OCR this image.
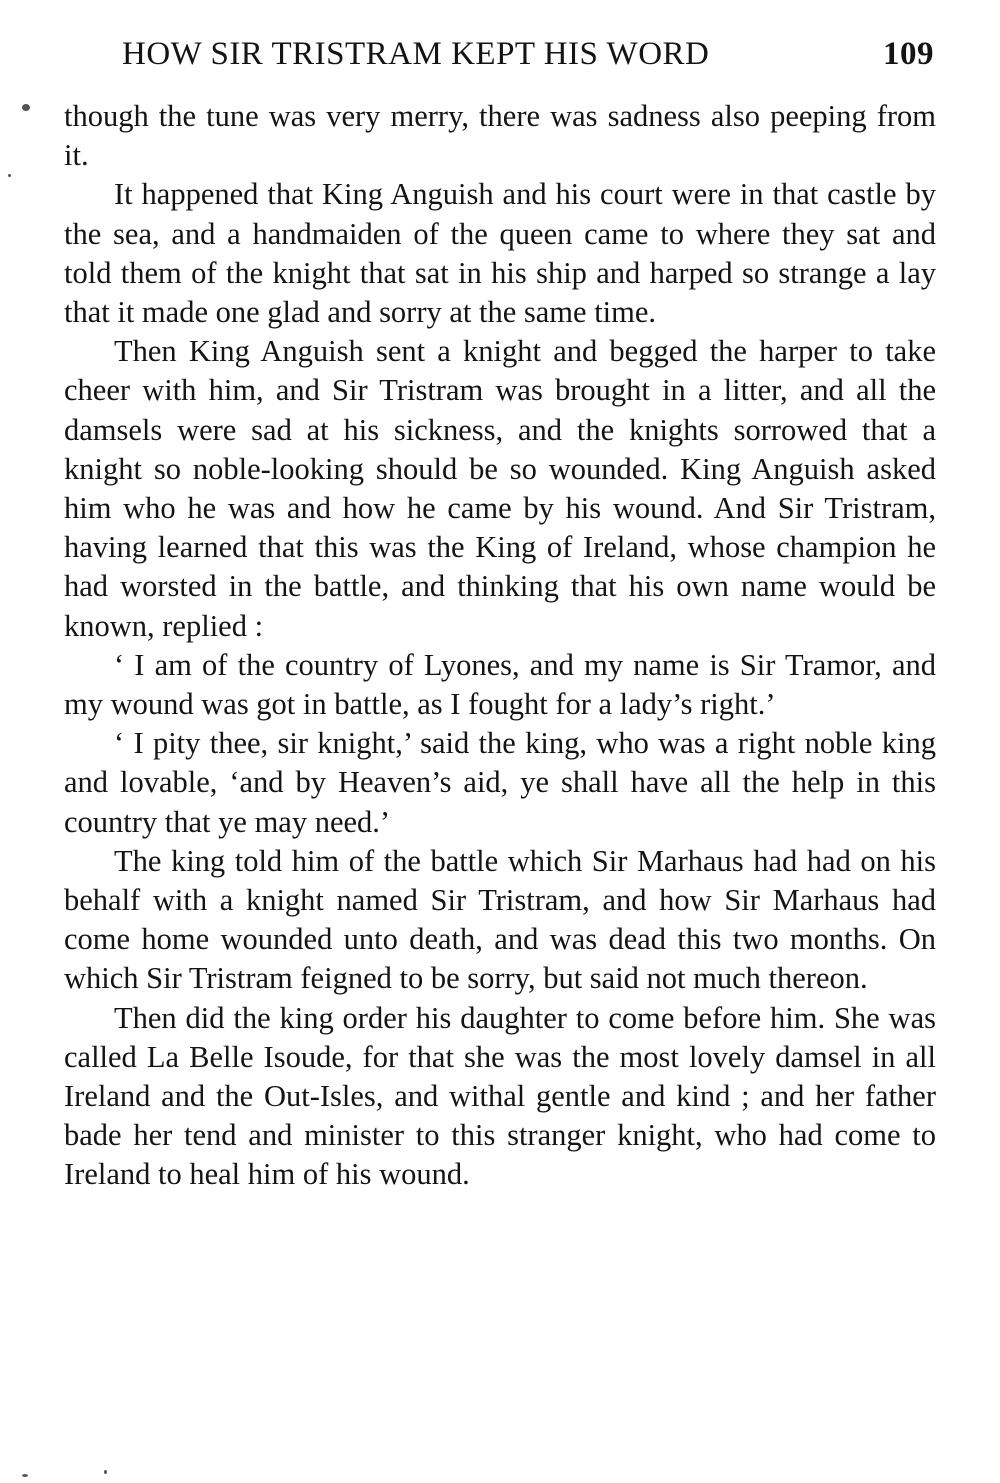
HOW SIR TRISTRAM KEPT HIS WORD	109

though the tune was very merry, there was sadness also peeping from it.

It happened that King Anguish and his court were in that castle by the sea, and a handmaiden of the queen came to where they sat and told them of the knight that sat in his ship and harped so strange a lay that it made one glad and sorry at the same time.

Then King Anguish sent a knight and begged the harper to take cheer with him, and Sir Tristram was brought in a litter, and all the damsels were sad at his sickness, and the knights sorrowed that a knight so noble-looking should be so wounded. King Anguish asked him who he was and how he came by his wound. And Sir Tristram, having learned that this was the King of Ireland, whose champion he had worsted in the battle, and thinking that his own name would be known, replied :

‘ I am of the country of Lyones, and my name is Sir Tramor, and my wound was got in battle, as I fought for a lady’s right.’

‘ I pity thee, sir knight,’ said the king, who was a right noble king and lovable, ‘and by Heaven’s aid, ye shall have all the help in this country that ye may need.’

The king told him of the battle which Sir Marhaus had had on his behalf with a knight named Sir Tristram, and how Sir Marhaus had come home wounded unto death, and was dead this two months. On which Sir Tristram feigned to be sorry, but said not much thereon.

Then did the king order his daughter to come before him. She was called La Belle Isoude, for that she was the most lovely damsel in all Ireland and the Out-Isles, and withal gentle and kind ; and her father bade her tend and minister to this stranger knight, who had come to Ireland to heal him of his wound.
